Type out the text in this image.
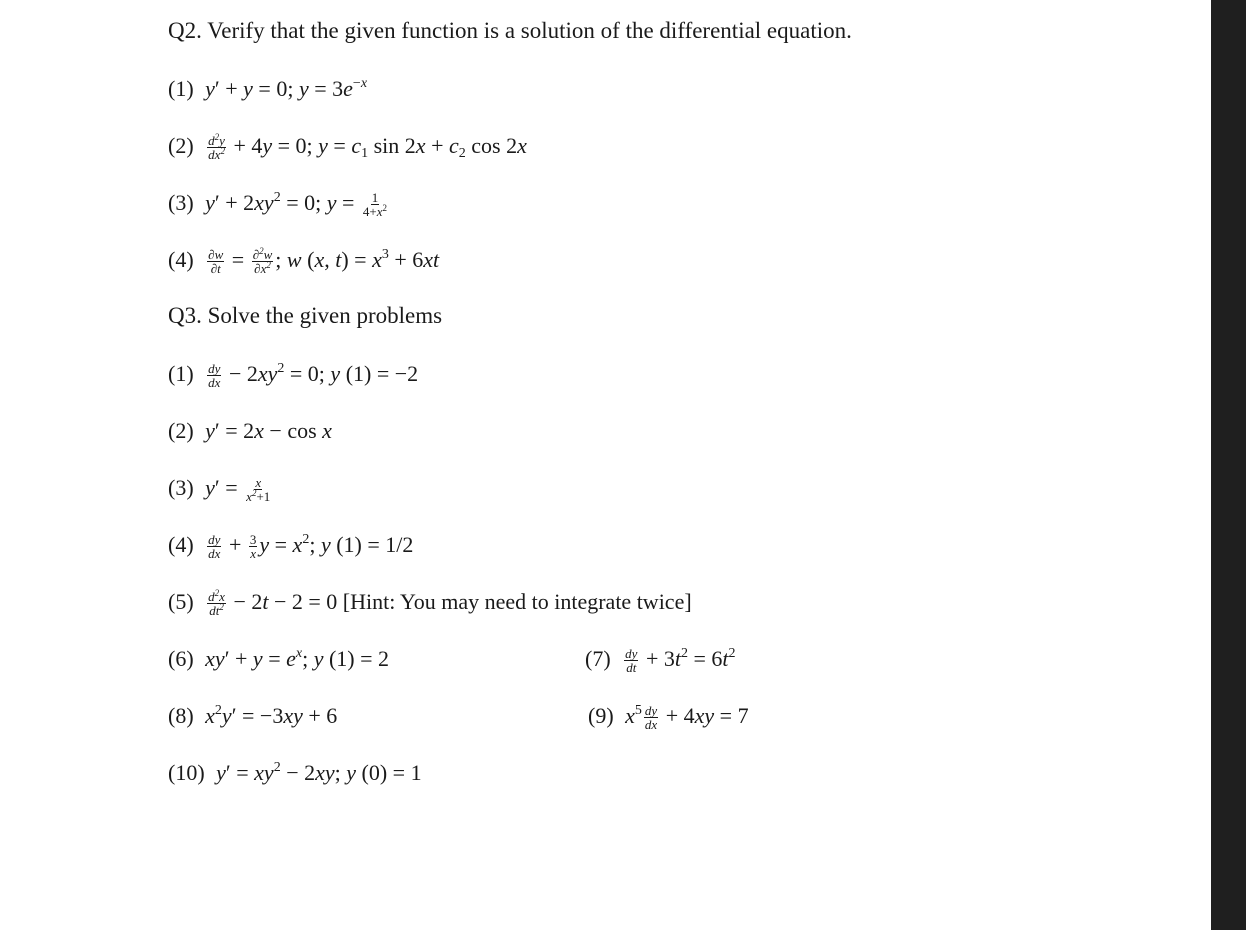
Q2. Verify that the given function is a solution of the differential equation.
(1) y′ + y = 0; $y = 3e^{-x}$
$(2) \frac{d^2y}{dx^2} + 4y = 0$; $y = c_1$ $\sin 2x + c_2$ cos 2x
(3) $y' + 2xy^2 = 0$; $y = \frac{1}{4+x^2}$
$(4) \frac{\partial w}{\partial t} = \frac{\partial^2w}{\partial x^2}$ ; w (x, $t) = x^3 + 6xt$
Q3. Solve the given problems
$(1) \frac{dy}{dx} - 2xy^2 = 0$; y (1) = −2
(2) y′ = 2x − cos x
(3) $y' = \frac{x}{x^2+1}$
$(4) \frac{dy}{dx} + \frac{3}{x}$ $y = x^2$; y (1) = 1/2
$(5) \frac{d^2x}{dt^2} - 2t - 2 = 0$ [Hint: You may need to integrate twice]
(6) $xy' + y = e^x$; y (1) = 2	$(7) \frac{dy}{dt} + 3t^2 = 6t^2$
(8) $x^2y' = -3xy + 6$	(9) $x^5 \frac{dy}{dx} + 4xy = 7$
(10) $y' = xy^2 - 2xy$; y (0) = 1
